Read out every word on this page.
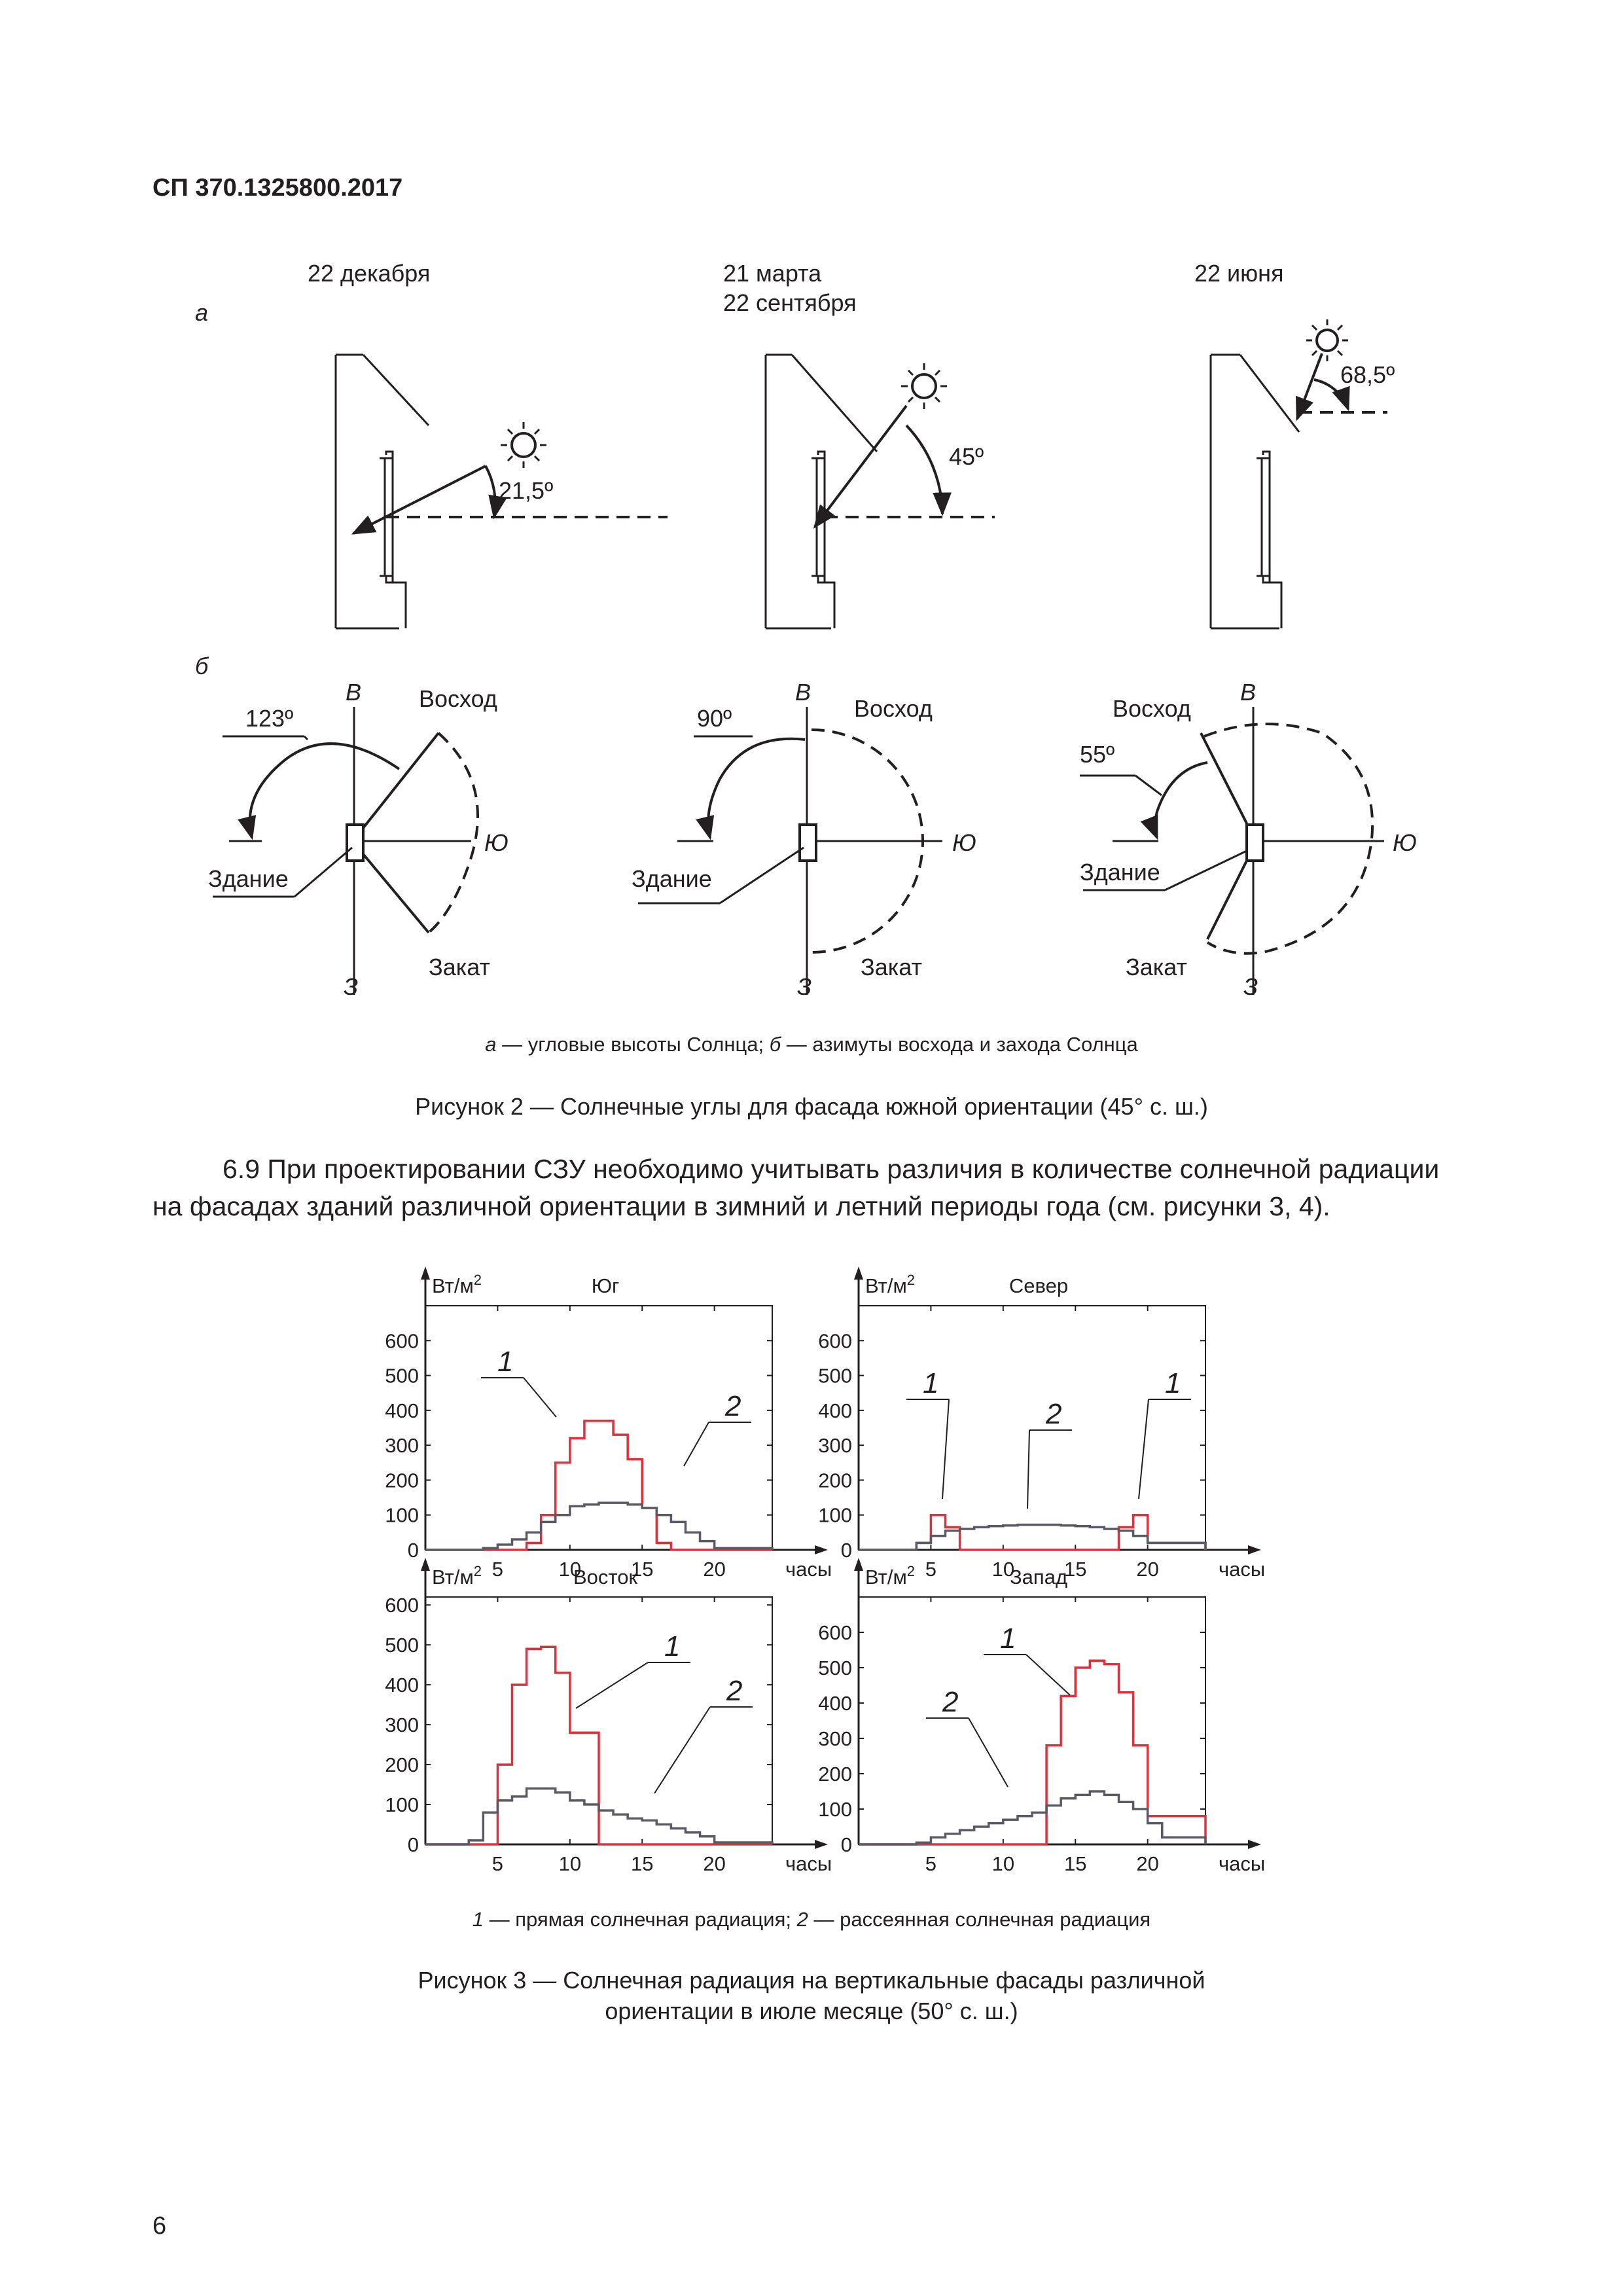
СП 370.1325800.2017
а
б
22 декабря
21,5º
21 марта
22 сентября
45º
22 июня
68,5º
123º
В Восход
Ю
Здание
Закат
З
90º
В
Восход
Ю
Здание
Закат
З
55º
В
Восход
Ю
Здание
Закат
З
а — угловые высоты Солнца; б — азимуты восхода и захода Солнца
Рисунок 2 — Солнечные углы для фасада южной ориентации (45° с. ш.)
6.9 При проектировании СЗУ необходимо учитывать различия в количестве солнечной радиации
на фасадах зданий различной ориентации в зимний и летний периоды года (см. рисунки 3, 4).
600
500
400
300
200
100
0
5	10 15 20
$Вт/м^2$
часы
Юг
1
2
600
500
400
300
200
100
0
5	10 15 20
$Вт/м^2$
часы
Север
1
2
1
600
500
400
300
200
100
0
5	10 15 20
$Вт/м^2$
часы
Восток
1
2
600
500
400
300
200
100
0
5	10 15 20
$Вт/м^2$
часы
Запад
1
2
1 — прямая солнечная радиация; 2 — рассеянная солнечная радиация
Рисунок 3 — Солнечная радиация на вертикальные фасады различной
ориентации в июле месяце (50° с. ш.)
6
